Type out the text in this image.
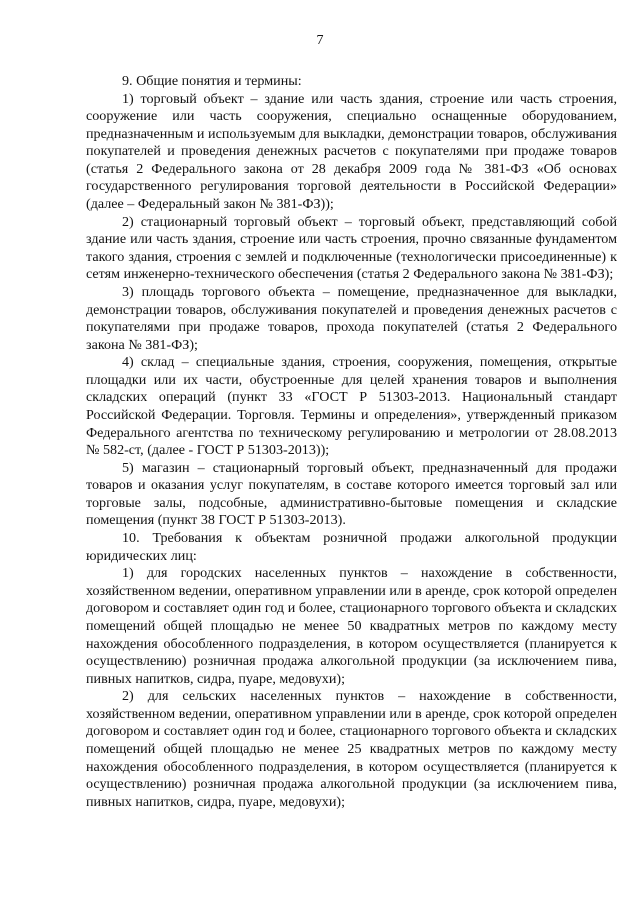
7

9. Общие понятия и термины:

1) торговый объект – здание или часть здания, строение или часть строения, сооружение или часть сооружения, специально оснащенные оборудованием, предназначенным и используемым для выкладки, демонстрации товаров, обслуживания покупателей и проведения денежных расчетов с покупателями при продаже товаров (статья 2 Федерального закона от 28 декабря 2009 года № 381-ФЗ «Об основах государственного регулирования торговой деятельности в Российской Федерации» (далее – Федеральный закон № 381-ФЗ));

2) стационарный торговый объект – торговый объект, представляющий собой здание или часть здания, строение или часть строения, прочно связанные фундаментом такого здания, строения с землей и подключенные (технологически присоединенные) к сетям инженерно-технического обеспечения (статья 2 Федерального закона № 381-ФЗ);

3) площадь торгового объекта – помещение, предназначенное для выкладки, демонстрации товаров, обслуживания покупателей и проведения денежных расчетов с покупателями при продаже товаров, прохода покупателей (статья 2 Федерального закона № 381-ФЗ);

4) склад – специальные здания, строения, сооружения, помещения, открытые площадки или их части, обустроенные для целей хранения товаров и выполнения складских операций (пункт 33 «ГОСТ Р 51303-2013. Национальный стандарт Российской Федерации. Торговля. Термины и определения», утвержденный приказом Федерального агентства по техническому регулированию и метрологии от 28.08.2013 № 582-ст, (далее - ГОСТ Р 51303-2013));

5) магазин – стационарный торговый объект, предназначенный для продажи товаров и оказания услуг покупателям, в составе которого имеется торговый зал или торговые залы, подсобные, административно-бытовые помещения и складские помещения (пункт 38 ГОСТ Р 51303-2013).

10. Требования к объектам розничной продажи алкогольной продукции юридических лиц:

1) для городских населенных пунктов – нахождение в собственности, хозяйственном ведении, оперативном управлении или в аренде, срок которой определен договором и составляет один год и более, стационарного торгового объекта и складских помещений общей площадью не менее 50 квадратных метров по каждому месту нахождения обособленного подразделения, в котором осуществляется (планируется к осуществлению) розничная продажа алкогольной продукции (за исключением пива, пивных напитков, сидра, пуаре, медовухи);

2) для сельских населенных пунктов – нахождение в собственности, хозяйственном ведении, оперативном управлении или в аренде, срок которой определен договором и составляет один год и более, стационарного торгового объекта и складских помещений общей площадью не менее 25 квадратных метров по каждому месту нахождения обособленного подразделения, в котором осуществляется (планируется к осуществлению) розничная продажа алкогольной продукции (за исключением пива, пивных напитков, сидра, пуаре, медовухи);
